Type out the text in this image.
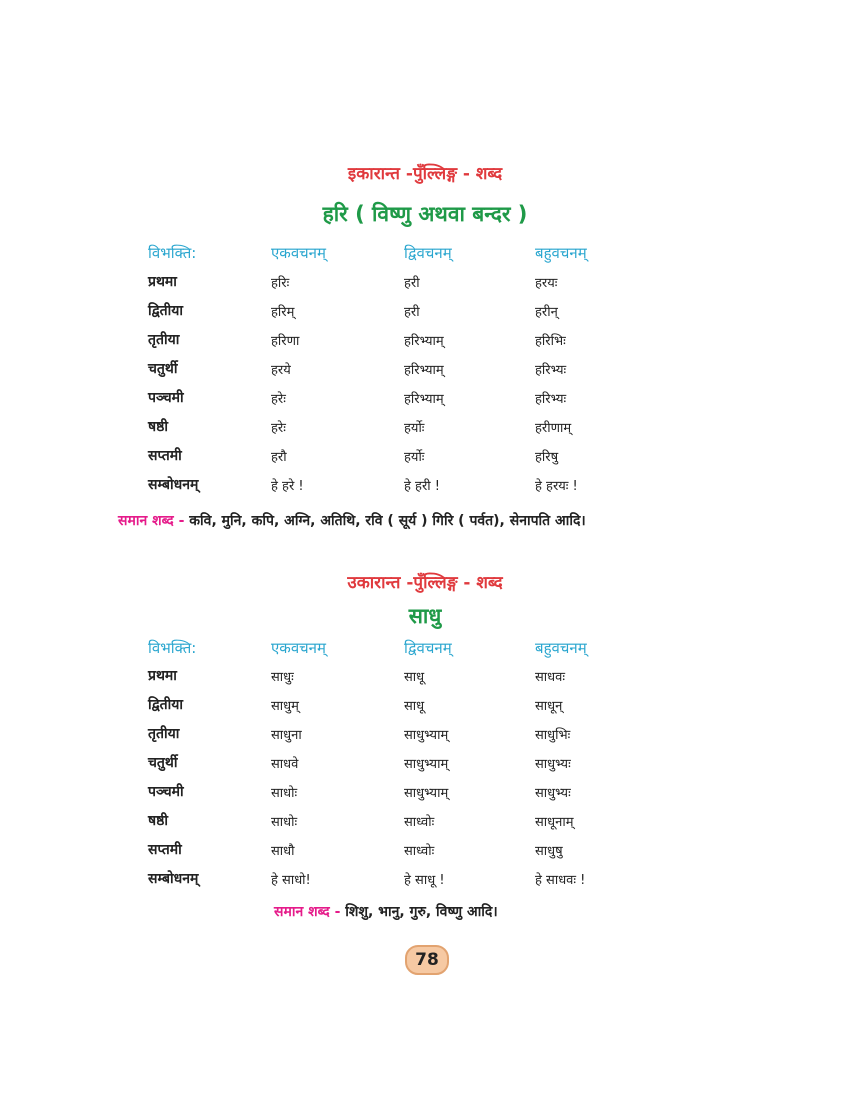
इकारान्त -पुँल्लिङ्ग - शब्द
हरि ( विष्णु अथवा बन्दर )
विभक्ति:	एकवचनम्	द्विवचनम्	बहुवचनम्
प्रथमा	हरिः	हरी	हरयः
द्वितीया	हरिम्	हरी	हरीन्
तृतीया	हरिणा	हरिभ्याम्	हरिभिः
चतुर्थी	हरये	हरिभ्याम्	हरिभ्यः
पञ्चमी	हरेः	हरिभ्याम्	हरिभ्यः
षष्ठी	हरेः	हर्योः	हरीणाम्
सप्तमी	हरौ	हर्योः	हरिषु
सम्बोधनम्	हे हरे !	हे हरी !	हे हरयः !
समान शब्द - कवि, मुनि, कपि, अग्नि, अतिथि, रवि ( सूर्य ) गिरि ( पर्वत), सेनापति आदि।
उकारान्त -पुँल्लिङ्ग - शब्द
साधु
विभक्ति:	एकवचनम्	द्विवचनम्	बहुवचनम्
प्रथमा	साधुः	साधू	साधवः
द्वितीया	साधुम्	साधू	साधून्
तृतीया	साधुना	साधुभ्याम्	साधुभिः
चतुर्थी	साधवे	साधुभ्याम्	साधुभ्यः
पञ्चमी	साधोः	साधुभ्याम्	साधुभ्यः
षष्ठी	साधोः	साध्वोः	साधूनाम्
सप्तमी	साधौ	साध्वोः	साधुषु
सम्बोधनम्	हे साधो!	हे साधू !	हे साधवः !
समान शब्द - शिशु, भानु, गुरु, विष्णु आदि।
78
